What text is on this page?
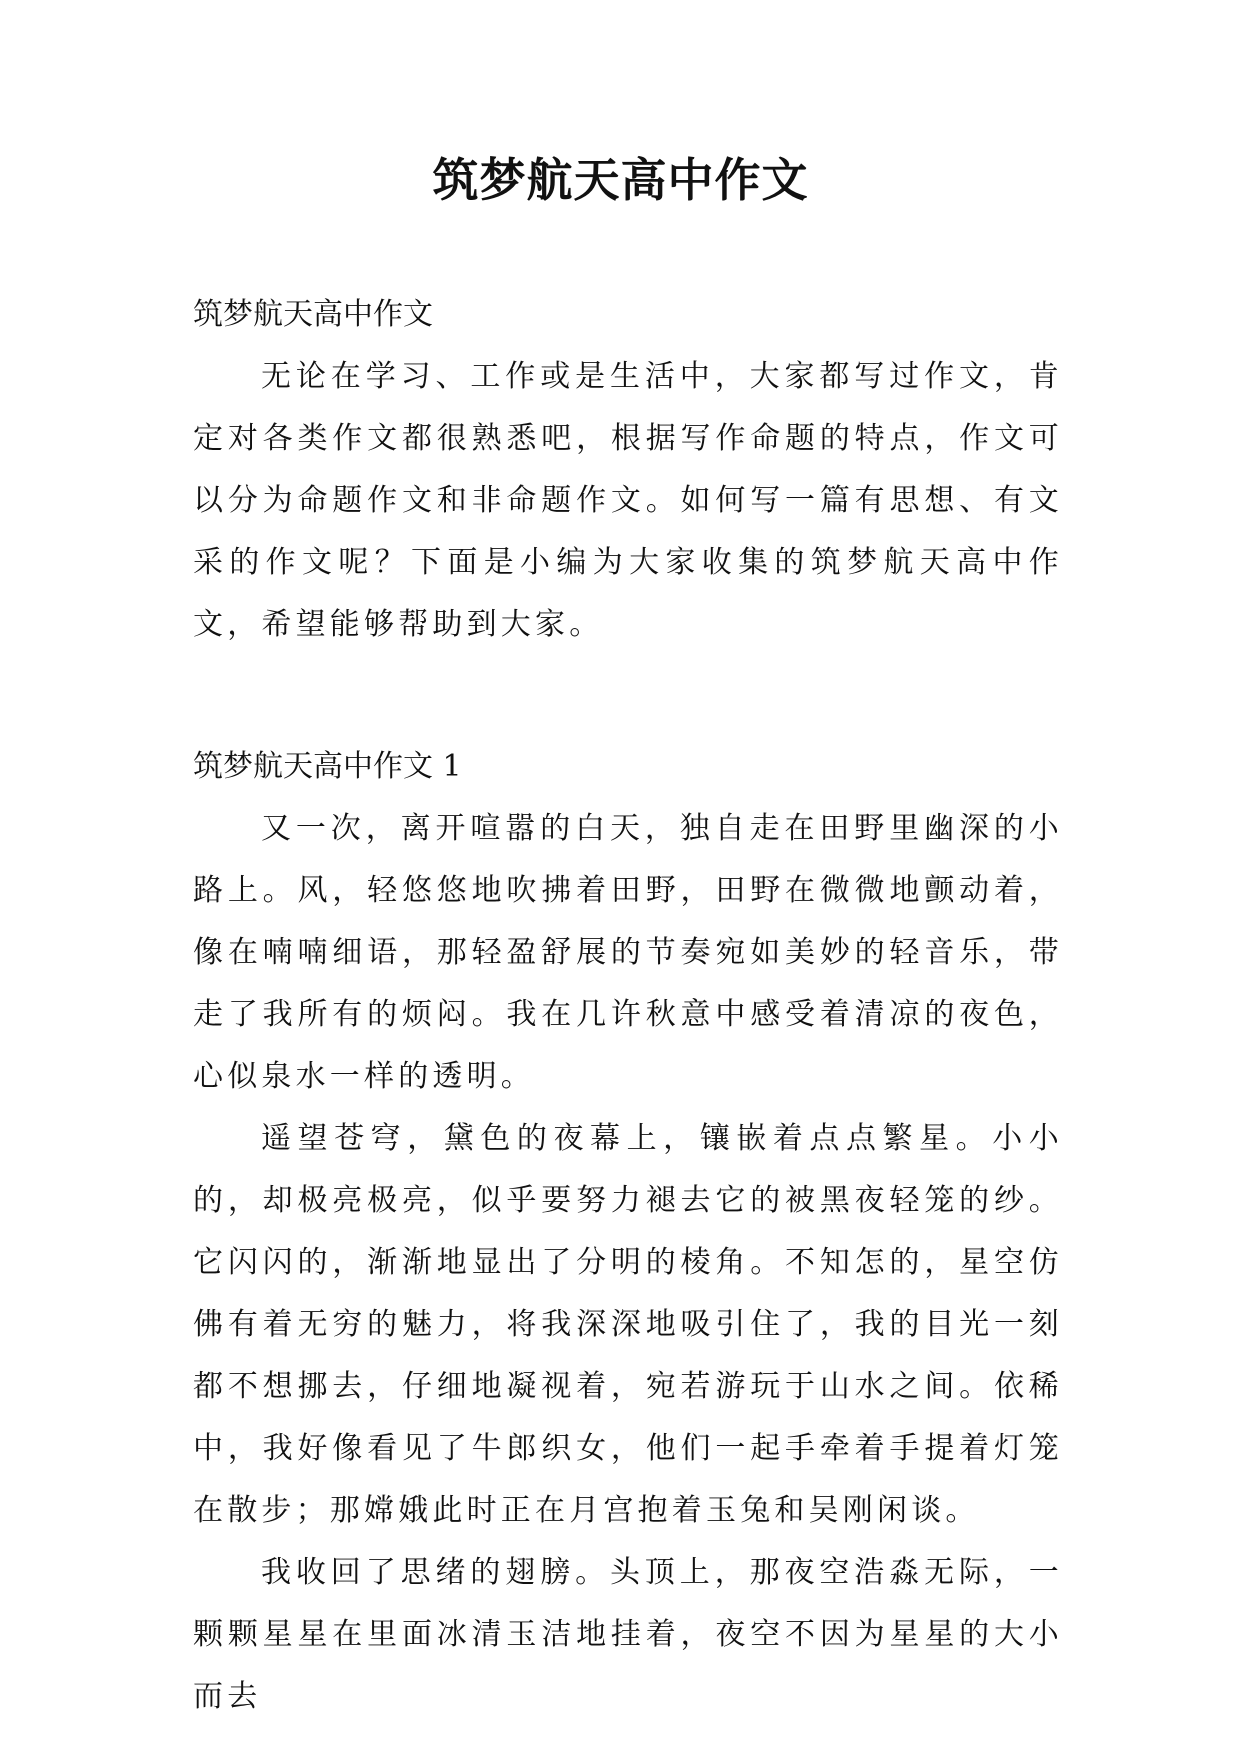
筑梦航天高中作文

筑梦航天高中作文

无论在学习、工作或是生活中，大家都写过作文，肯定对各类作文都很熟悉吧，根据写作命题的特点，作文可以分为命题作文和非命题作文。如何写一篇有思想、有文采的作文呢？下面是小编为大家收集的筑梦航天高中作文，希望能够帮助到大家。

筑梦航天高中作文 1

又一次，离开喧嚣的白天，独自走在田野里幽深的小路上。风，轻悠悠地吹拂着田野，田野在微微地颤动着，像在喃喃细语，那轻盈舒展的节奏宛如美妙的轻音乐，带走了我所有的烦闷。我在几许秋意中感受着清凉的夜色，心似泉水一样的透明。

遥望苍穹，黛色的夜幕上，镶嵌着点点繁星。小小的，却极亮极亮，似乎要努力褪去它的被黑夜轻笼的纱。它闪闪的，渐渐地显出了分明的棱角。不知怎的，星空仿佛有着无穷的魅力，将我深深地吸引住了，我的目光一刻都不想挪去，仔细地凝视着，宛若游玩于山水之间。依稀中，我好像看见了牛郎织女，他们一起手牵着手提着灯笼在散步；那嫦娥此时正在月宫抱着玉兔和吴刚闲谈。

我收回了思绪的翅膀。头顶上，那夜空浩淼无际，一颗颗星星在里面冰清玉洁地挂着，夜空不因为星星的大小而去
